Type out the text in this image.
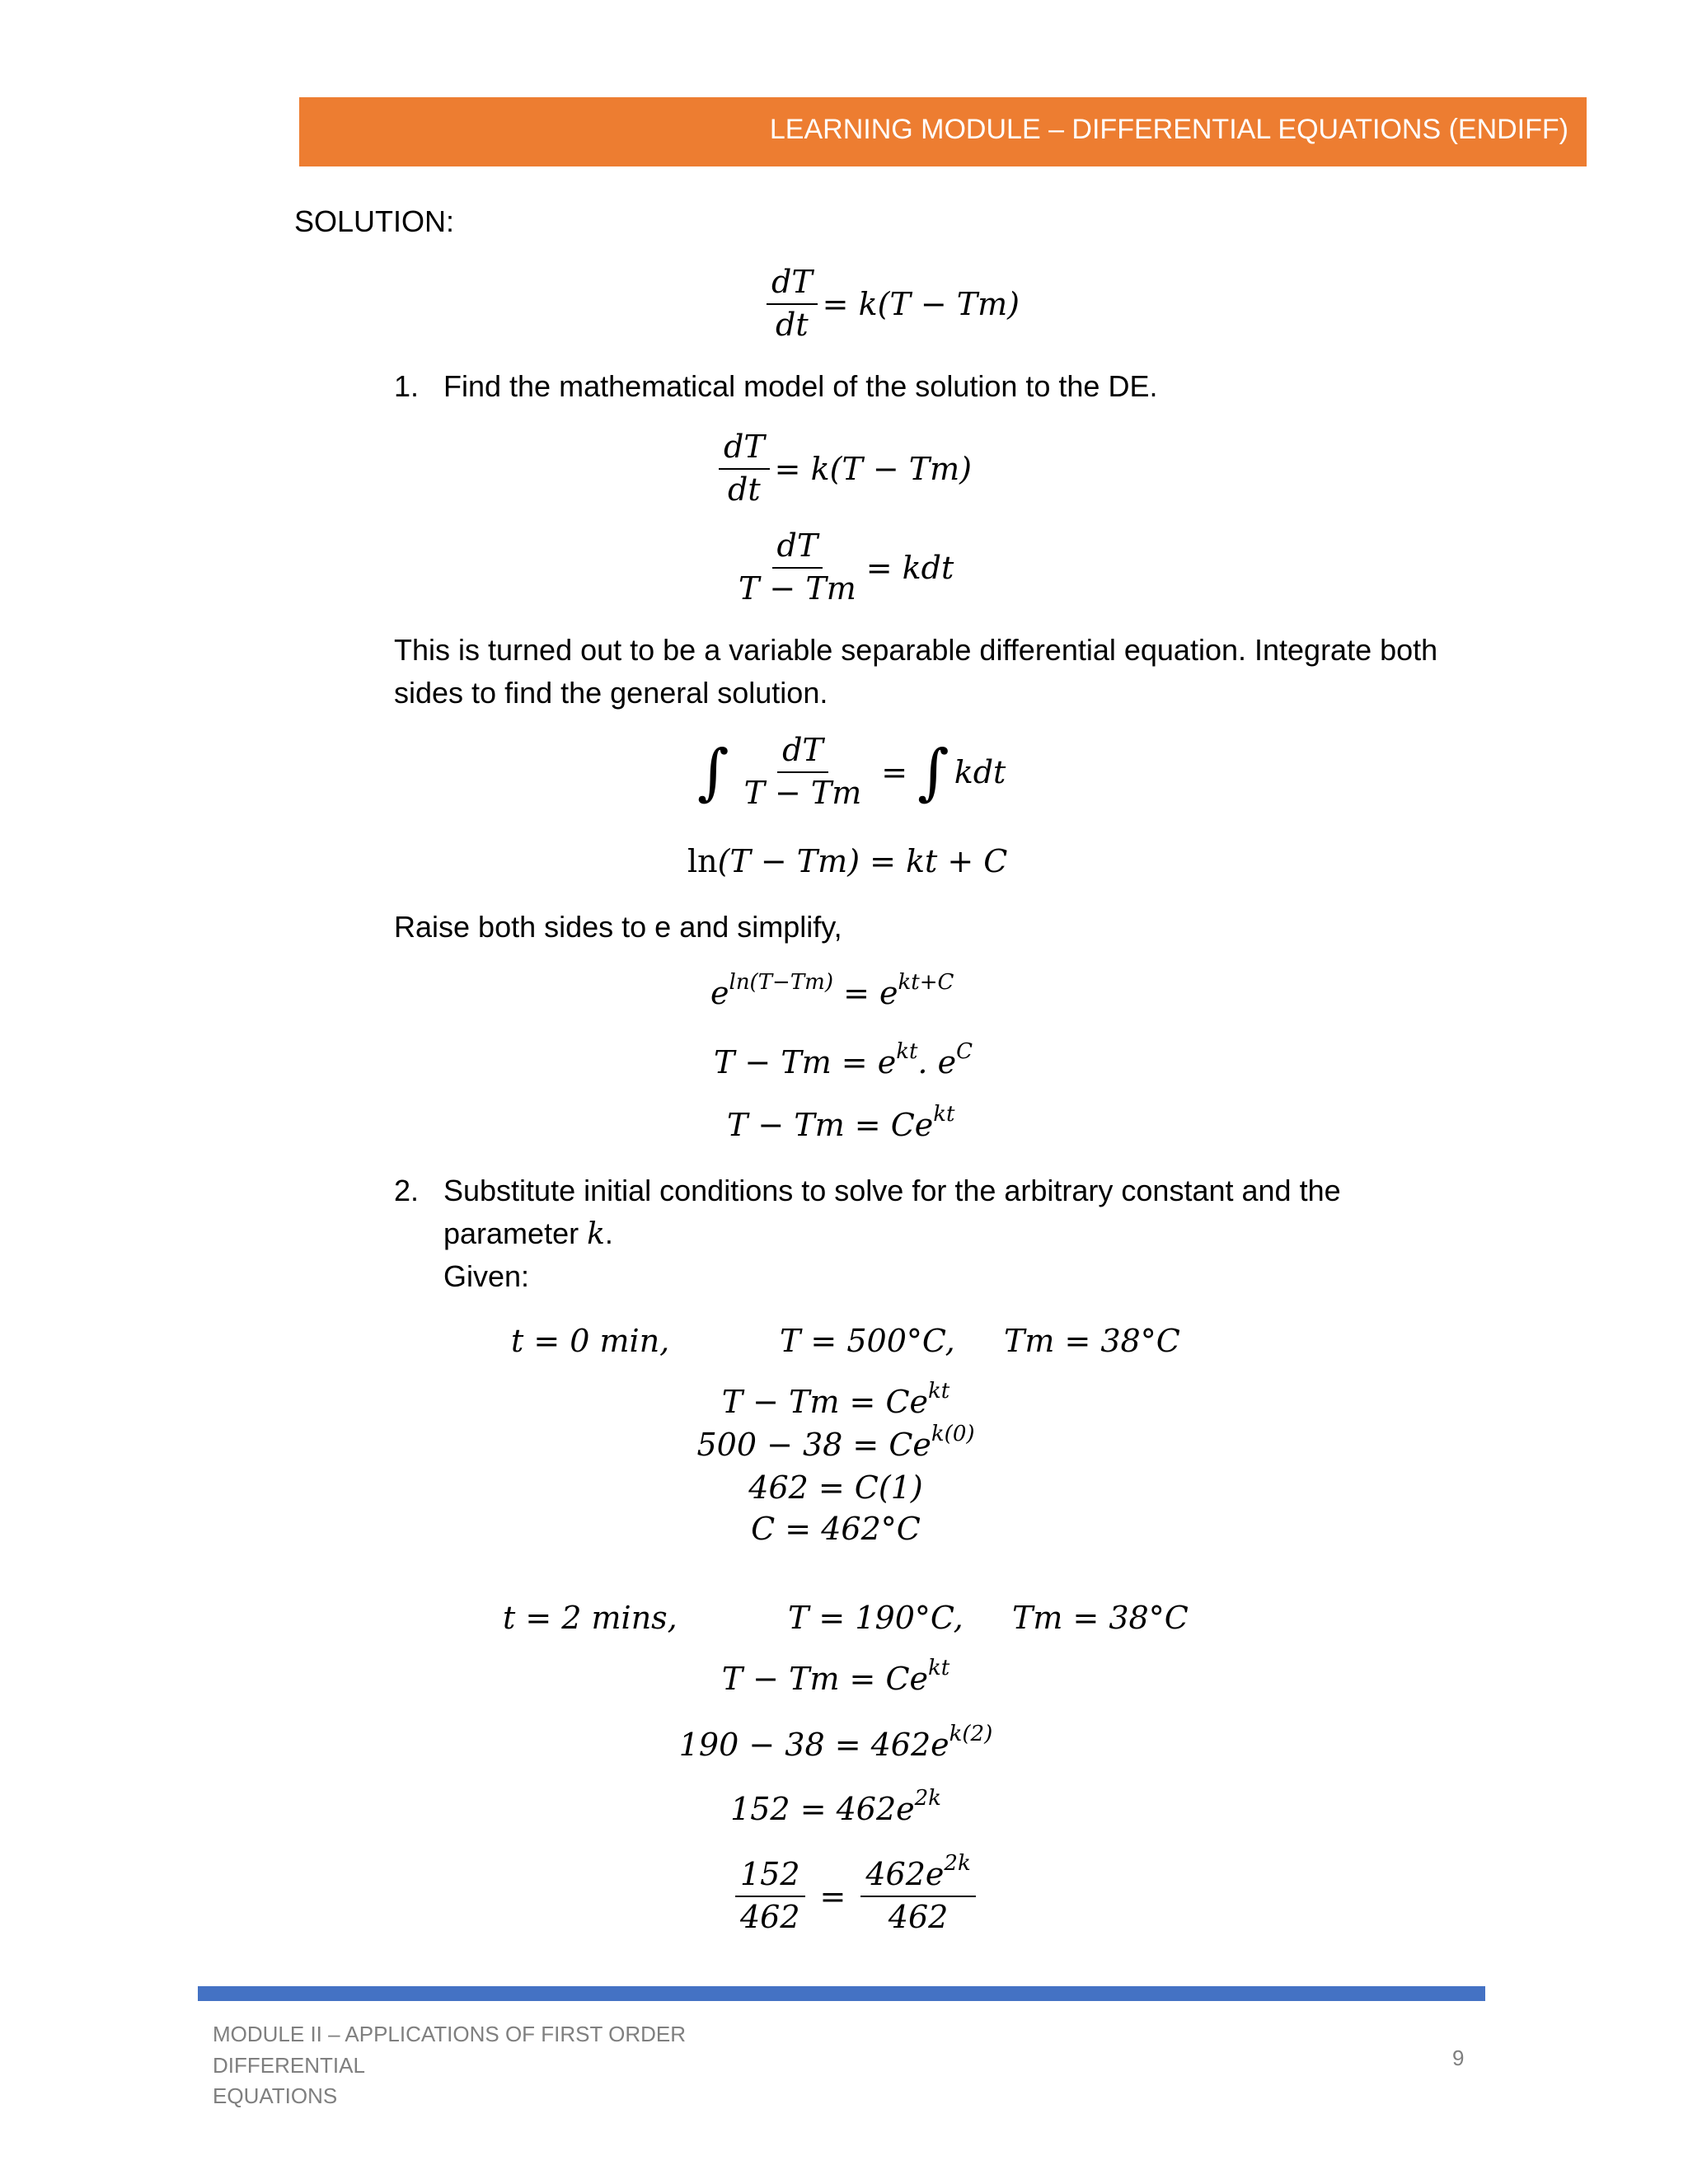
LEARNING MODULE – DIFFERENTIAL EQUATIONS (ENDIFF)
SOLUTION:
$\frac{dT}{dt} = k(T - Tm)$
1. Find the mathematical model of the solution to the DE.
$\frac{dT}{dt} = k(T - Tm)$
$\frac{dT}{T - Tm}$ = kdt
This is turned out to be a variable separable differential equation. Integrate both
sides to find the general solution.
∫ $\frac{dT}{T - Tm}$ = ∫ kdt
ln(T − Tm) = kt + C
Raise both sides to e and simplify,
$e^{ln(T-Tm)} = e^{kt+C}$
$T - Tm = e^{kt}$. $e^C$
$T - Tm = Ce^{kt}$
2. Substitute initial conditions to solve for the arbitrary constant and the
parameter k.
Given:
t = 0 min,	T = 500°C, Tm = 38°C
$T - Tm = Ce^{kt}$
$500 - 38 = Ce^{k(0)}$
462 = C(1)
C = 462°C
t = 2 mins,	T = 190°C, Tm = 38°C
$T - Tm = Ce^{kt}$
$190 - 38 = 462e^{k(2)}$
$152 = 462e^{2k}$
$\frac{152}{462} = \frac{462e^{2k}}{462}$
MODULE II – APPLICATIONS OF FIRST ORDER DIFFERENTIAL
EQUATIONS
9
